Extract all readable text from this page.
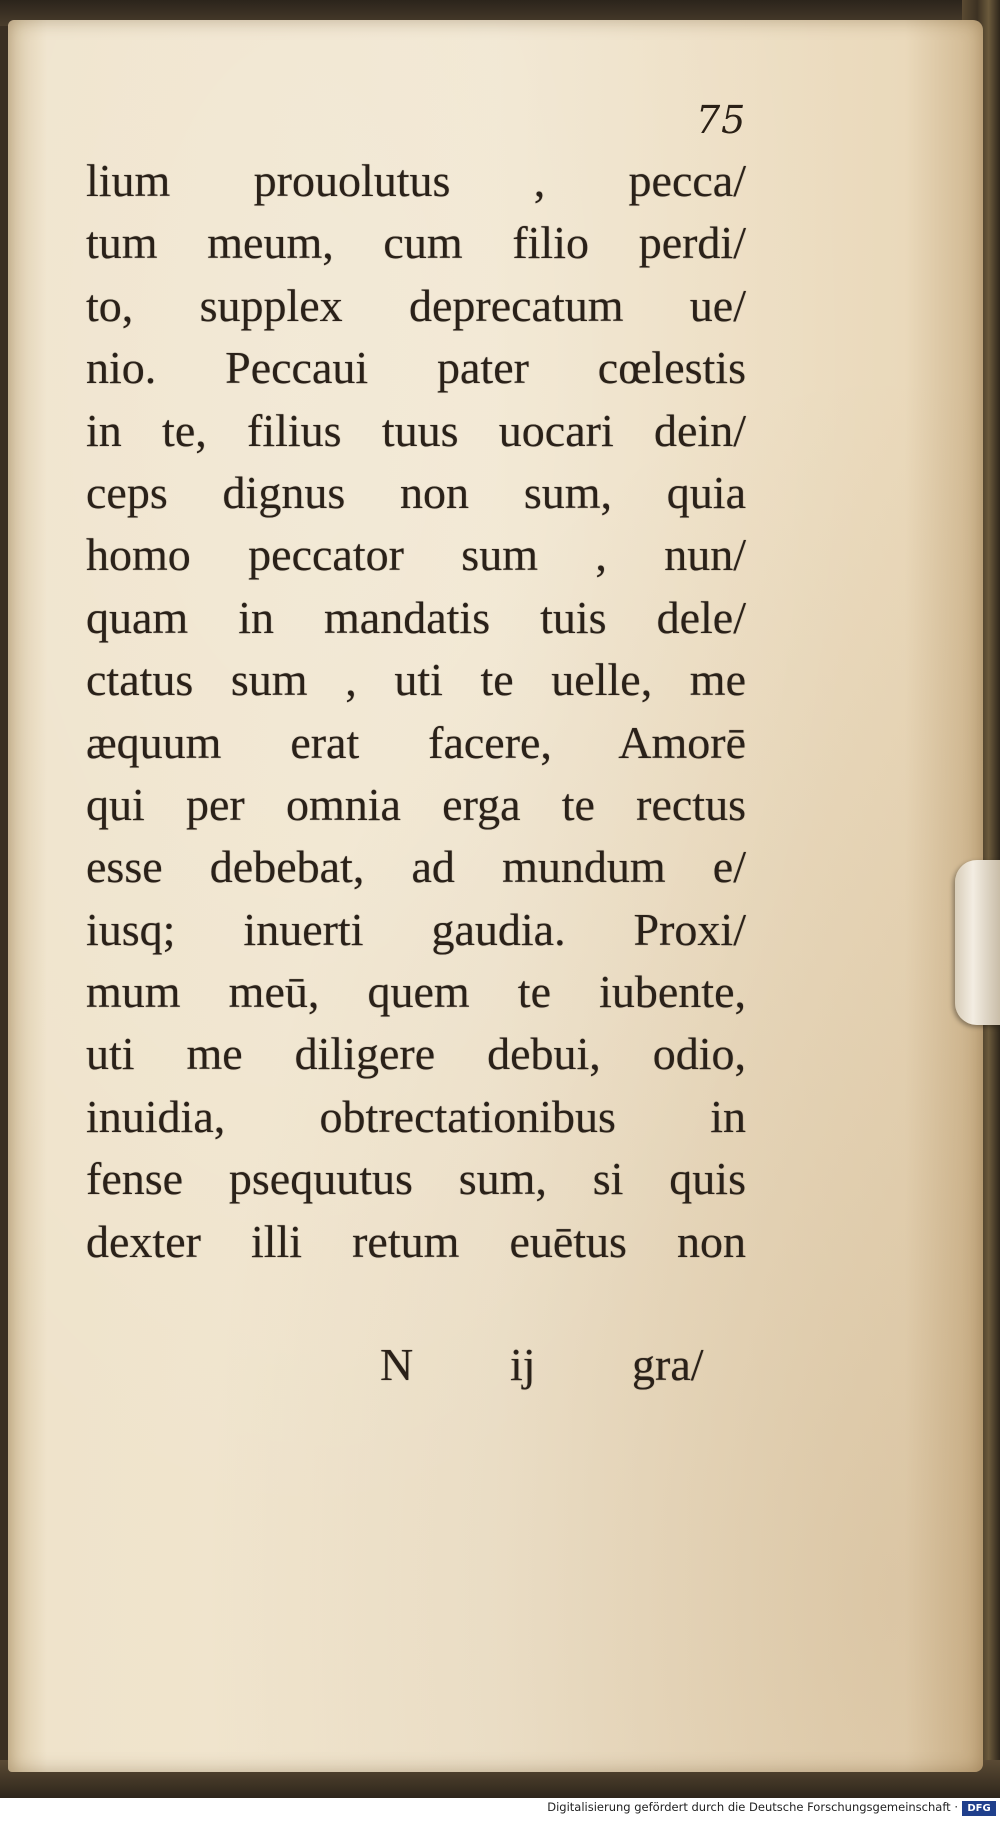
75
lium prouolutus , pecca/
tum meum, cum filio perdi/
to, supplex deprecatum ue/
nio. Peccaui pater cœlestis
in te, filius tuus uocari dein/
ceps dignus non sum, quia
homo peccator sum , nun/
quam in mandatis tuis dele/
ctatus sum , uti te uelle, me
æquum erat facere, Amorē
qui per omnia erga te rectus
esse debebat, ad mundum e/
iusq; inuerti gaudia. Proxi/
mum meū, quem te iubente,
uti me diligere debui, odio,
inuidia, obtrectationibus in
fense psequutus sum, si quis
dexter illi retum euētus non
N ij gra/
Digitalisierung gefördert durch die Deutsche Forschungsgemeinschaft · DFG
